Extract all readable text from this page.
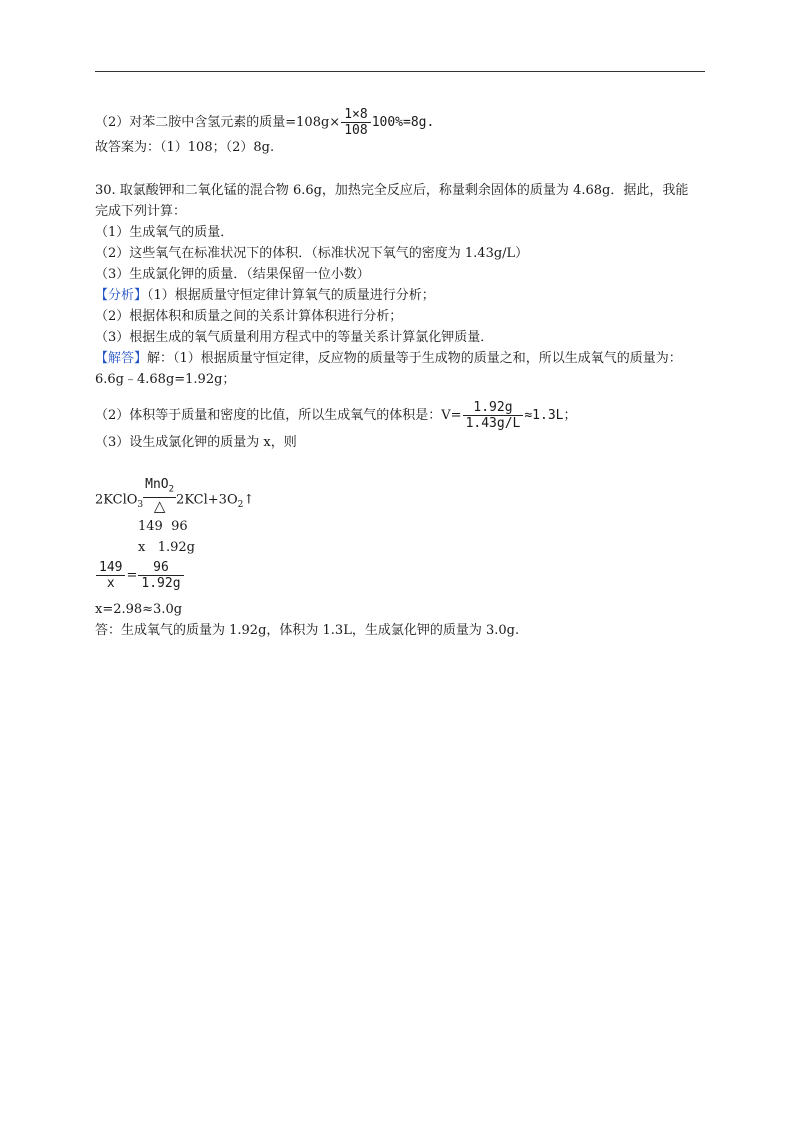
（2）对苯二胺中含氢元素的质量$=108g\times \frac{1\times 8}{108} 100\%=8g$.
故答案为：（1）108；（2）8g.
30. 取氯酸钾和二氧化锰的混合物 6.6g，加热完全反应后，称量剩余固体的质量为 4.68g．据此，我能
完成下列计算：
（1）生成氧气的质量．
（2）这些氧气在标准状况下的体积．（标准状况下氧气的密度为 1.43g/L）
（3）生成氯化钾的质量．（结果保留一位小数）
【分析】（1）根据质量守恒定律计算氧气的质量进行分析；
（2）根据体积和质量之间的关系计算体积进行分析；
（3）根据生成的氧气质量利用方程式中的等量关系计算氯化钾质量．
【解答】解：（1）根据质量守恒定律，反应物的质量等于生成物的质量之和，所以生成氧气的质量为：
6.6g﹣4.68g=1.92g；
（2）体积等于质量和密度的比值，所以生成氧气的体积是：$V= \frac{1.92g}{1.43g/L} \approx 1.3L$；
（3）设生成氯化钾的质量为 x，则
2KClO$_3$
MnO$_2$
△ $2KCl+3O_2↑$
149  96
x   1.92g
$\frac{149}{x} = \frac{96}{1.92g}$
x=2.98≈3.0g
答：生成氧气的质量为 1.92g，体积为 1.3L，生成氯化钾的质量为 3.0g.
